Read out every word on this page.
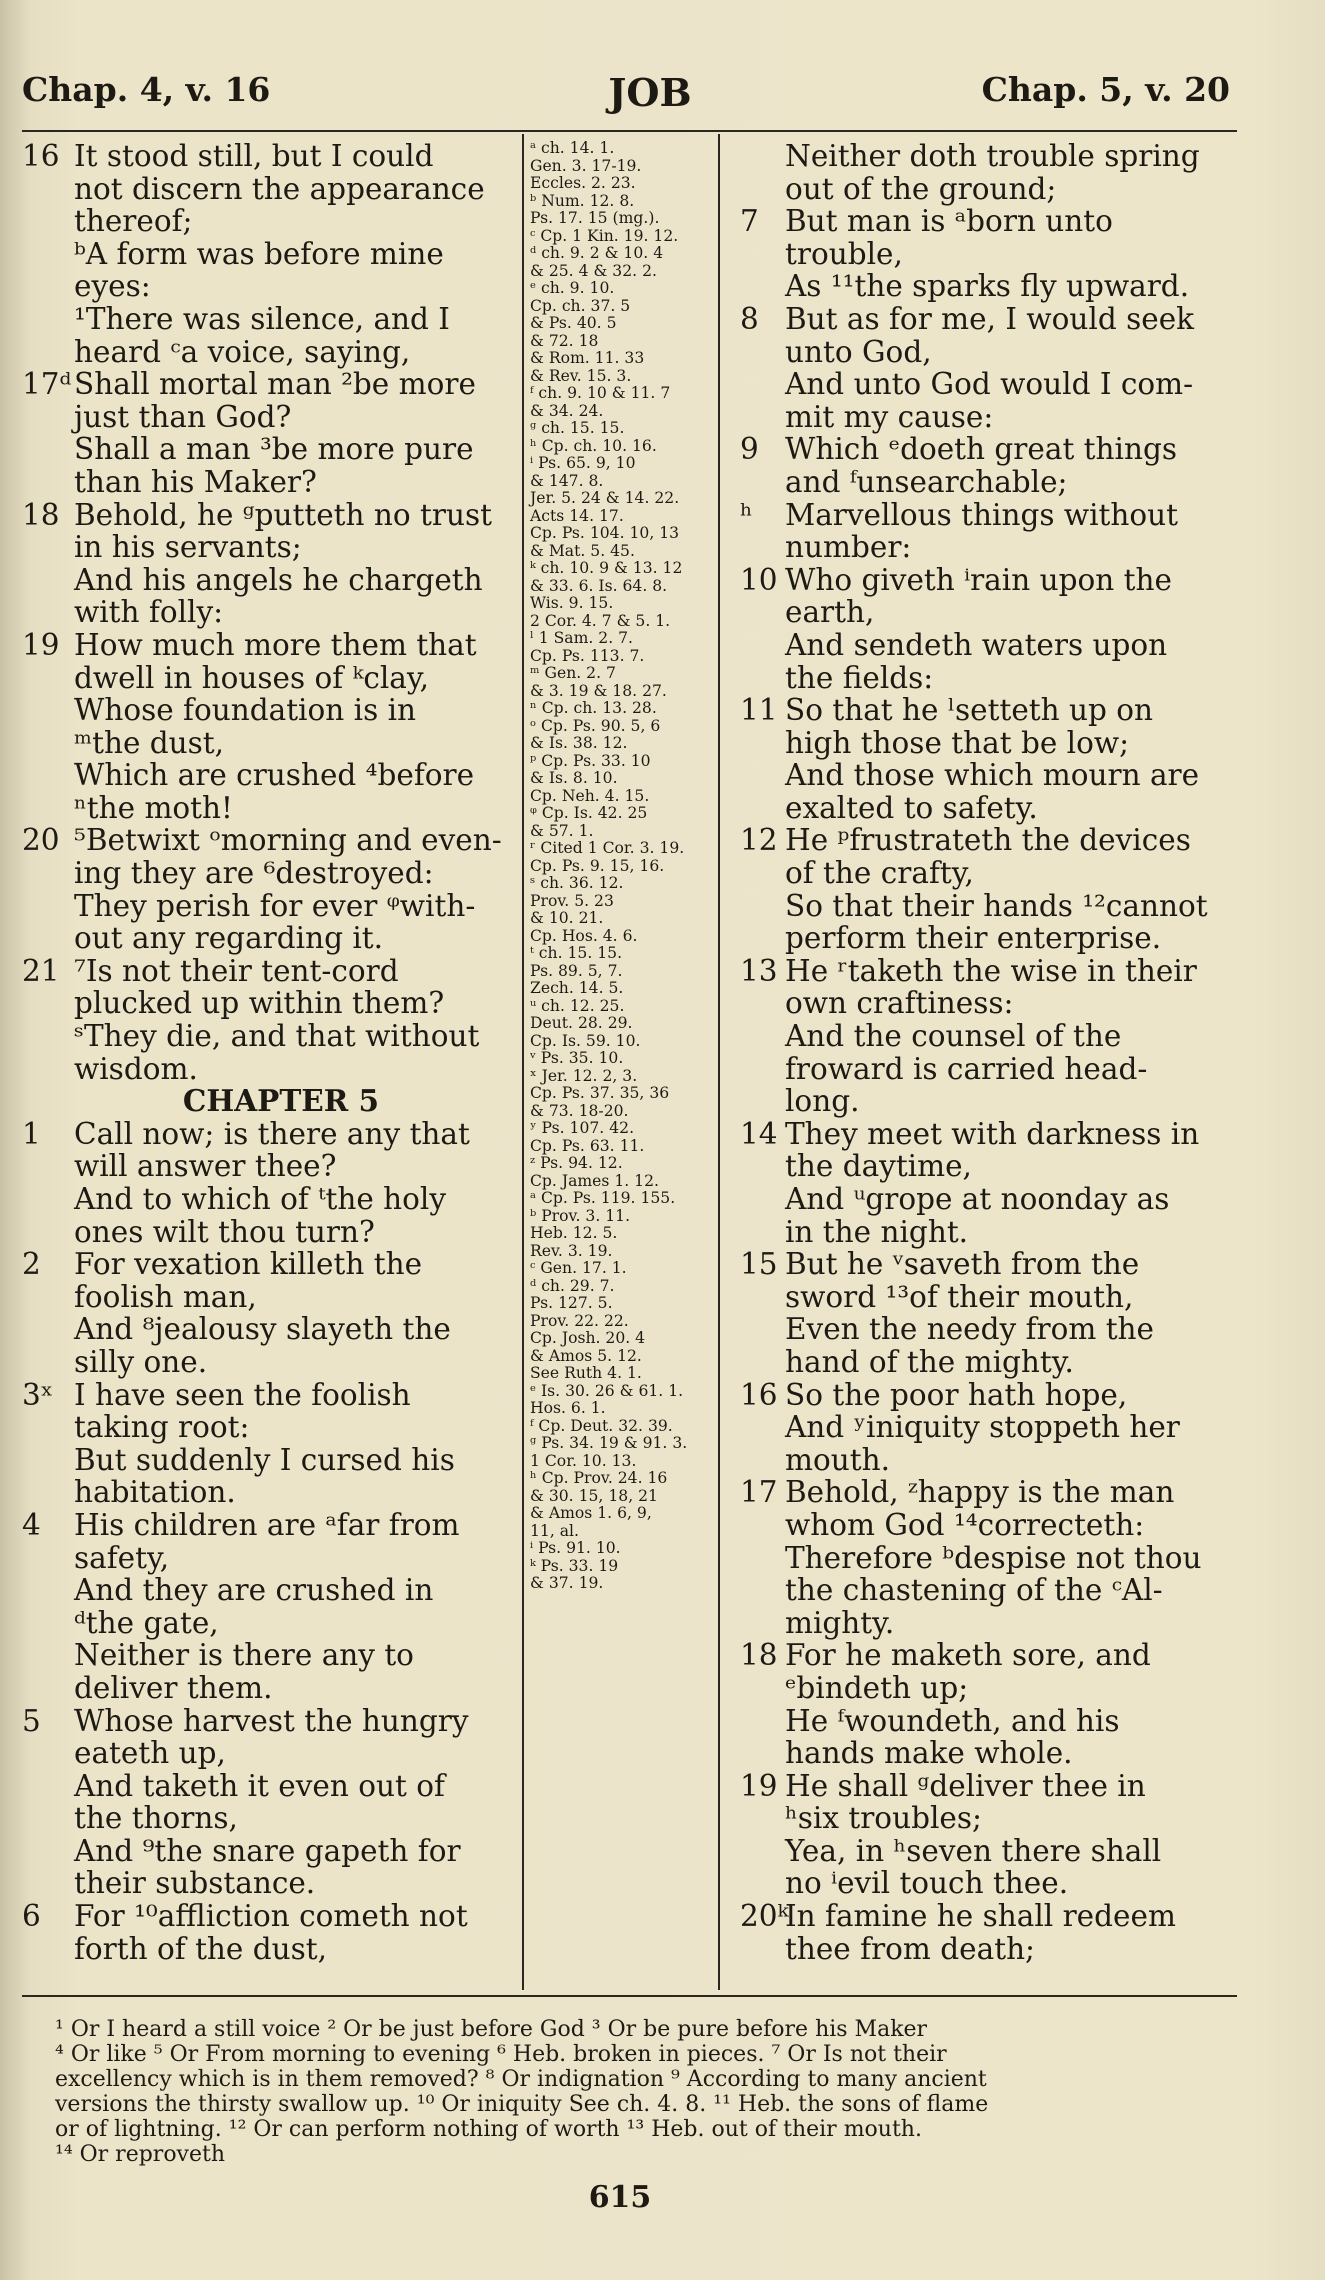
Chap. 4, v. 16	JOB	Chap. 5, v. 20
16 It stood still, but I could
not discern the appearance
thereof;
ᵇA form was before mine
eyes:
¹There was silence, and I
heard ᶜa voice, saying,
17ᵈ Shall mortal man ²be more
just than God?
Shall a man ³be more pure
than his Maker?
18 Behold, he ᵍputteth no trust
in his servants;
And his angels he chargeth
with folly:
19 How much more them that
dwell in houses of ᵏclay,
Whose foundation is in
ᵐthe dust,
Which are crushed ⁴before
ⁿthe moth!
20 ⁵Betwixt ᵒmorning and even-
ing they are ⁶destroyed:
They perish for ever ᵠwith-
out any regarding it.
21 ⁷Is not their tent-cord
plucked up within them?
ˢThey die, and that without
wisdom.
CHAPTER 5
1	Call now; is there any that
will answer thee?
And to which of ᵗthe holy
ones wilt thou turn?
2	For vexation killeth the
foolish man,
And ⁸jealousy slayeth the
silly one.
3ˣ I have seen the foolish
taking root:
But suddenly I cursed his
habitation.
4	His children are ᵃfar from
safety,
And they are crushed in
ᵈthe gate,
Neither is there any to
deliver them.
5	Whose harvest the hungry
eateth up,
And taketh it even out of
the thorns,
And ⁹the snare gapeth for
their substance.
6	For ¹⁰affliction cometh not
forth of the dust,
ᵃ ch. 14. 1.
Gen. 3. 17-19.
Eccles. 2. 23.
ᵇ Num. 12. 8.
Ps. 17. 15 (mg.).
ᶜ Cp. 1 Kin. 19. 12.
ᵈ ch. 9. 2 & 10. 4
& 25. 4 & 32. 2.
ᵉ ch. 9. 10.
Cp. ch. 37. 5
& Ps. 40. 5
& 72. 18
& Rom. 11. 33
& Rev. 15. 3.
ᶠ ch. 9. 10 & 11. 7
& 34. 24.
ᵍ ch. 15. 15.
ʰ Cp. ch. 10. 16.
ⁱ Ps. 65. 9, 10
& 147. 8.
Jer. 5. 24 & 14. 22.
Acts 14. 17.
Cp. Ps. 104. 10, 13
& Mat. 5. 45.
ᵏ ch. 10. 9 & 13. 12
& 33. 6. Is. 64. 8.
Wis. 9. 15.
2 Cor. 4. 7 & 5. 1.
ˡ 1 Sam. 2. 7.
Cp. Ps. 113. 7.
ᵐ Gen. 2. 7
& 3. 19 & 18. 27.
ⁿ Cp. ch. 13. 28.
ᵒ Cp. Ps. 90. 5, 6
& Is. 38. 12.
ᵖ Cp. Ps. 33. 10
& Is. 8. 10.
Cp. Neh. 4. 15.
ᵠ Cp. Is. 42. 25
& 57. 1.
ʳ Cited 1 Cor. 3. 19.
Cp. Ps. 9. 15, 16.
ˢ ch. 36. 12.
Prov. 5. 23
& 10. 21.
Cp. Hos. 4. 6.
ᵗ ch. 15. 15.
Ps. 89. 5, 7.
Zech. 14. 5.
ᵘ ch. 12. 25.
Deut. 28. 29.
Cp. Is. 59. 10.
ᵛ Ps. 35. 10.
ˣ Jer. 12. 2, 3.
Cp. Ps. 37. 35, 36
& 73. 18-20.
ʸ Ps. 107. 42.
Cp. Ps. 63. 11.
ᶻ Ps. 94. 12.
Cp. James 1. 12.
ᵃ Cp. Ps. 119. 155.
ᵇ Prov. 3. 11.
Heb. 12. 5.
Rev. 3. 19.
ᶜ Gen. 17. 1.
ᵈ ch. 29. 7.
Ps. 127. 5.
Prov. 22. 22.
Cp. Josh. 20. 4
& Amos 5. 12.
See Ruth 4. 1.
ᵉ Is. 30. 26 & 61. 1.
Hos. 6. 1.
ᶠ Cp. Deut. 32. 39.
ᵍ Ps. 34. 19 & 91. 3.
1 Cor. 10. 13.
ʰ Cp. Prov. 24. 16
& 30. 15, 18, 21
& Amos 1. 6, 9,
11, al.
ⁱ Ps. 91. 10.
ᵏ Ps. 33. 19
& 37. 19.
Neither doth trouble spring
out of the ground;
7 But man is ᵃborn unto
trouble,
As ¹¹the sparks fly upward.
8 But as for me, I would seek
unto God,
And unto God would I com-
mit my cause:
9 Which ᵉdoeth great things
and ᶠunsearchable;
ʰ	Marvellous things without
number:
10 Who giveth ⁱrain upon the
earth,
And sendeth waters upon
the fields:
11 So that he ˡsetteth up on
high those that be low;
And those which mourn are
exalted to safety.
12 He ᵖfrustrateth the devices
of the crafty,
So that their hands ¹²cannot
perform their enterprise.
13 He ʳtaketh the wise in their
own craftiness:
And the counsel of the
froward is carried head-
long.
14 They meet with darkness in
the daytime,
And ᵘgrope at noonday as
in the night.
15 But he ᵛsaveth from the
sword ¹³of their mouth,
Even the needy from the
hand of the mighty.
16 So the poor hath hope,
And ʸiniquity stoppeth her
mouth.
17 Behold, ᶻhappy is the man
whom God ¹⁴correcteth:
Therefore ᵇdespise not thou
the chastening of the ᶜAl-
mighty.
18 For he maketh sore, and
ᵉbindeth up;
He ᶠwoundeth, and his
hands make whole.
19 He shall ᵍdeliver thee in
ʰsix troubles;
Yea, in ʰseven there shall
no ⁱevil touch thee.
20ᵏ
In famine he shall redeem
thee from death;
¹ Or I heard a still voice ² Or be just before God ³ Or be pure before his Maker
⁴ Or like ⁵ Or From morning to evening ⁶ Heb. broken in pieces. ⁷ Or Is not their
excellency which is in them removed? ⁸ Or indignation ⁹ According to many ancient
versions the thirsty swallow up. ¹⁰ Or iniquity See ch. 4. 8. ¹¹ Heb. the sons of flame
or of lightning. ¹² Or can perform nothing of worth ¹³ Heb. out of their mouth.
¹⁴ Or reproveth
615
